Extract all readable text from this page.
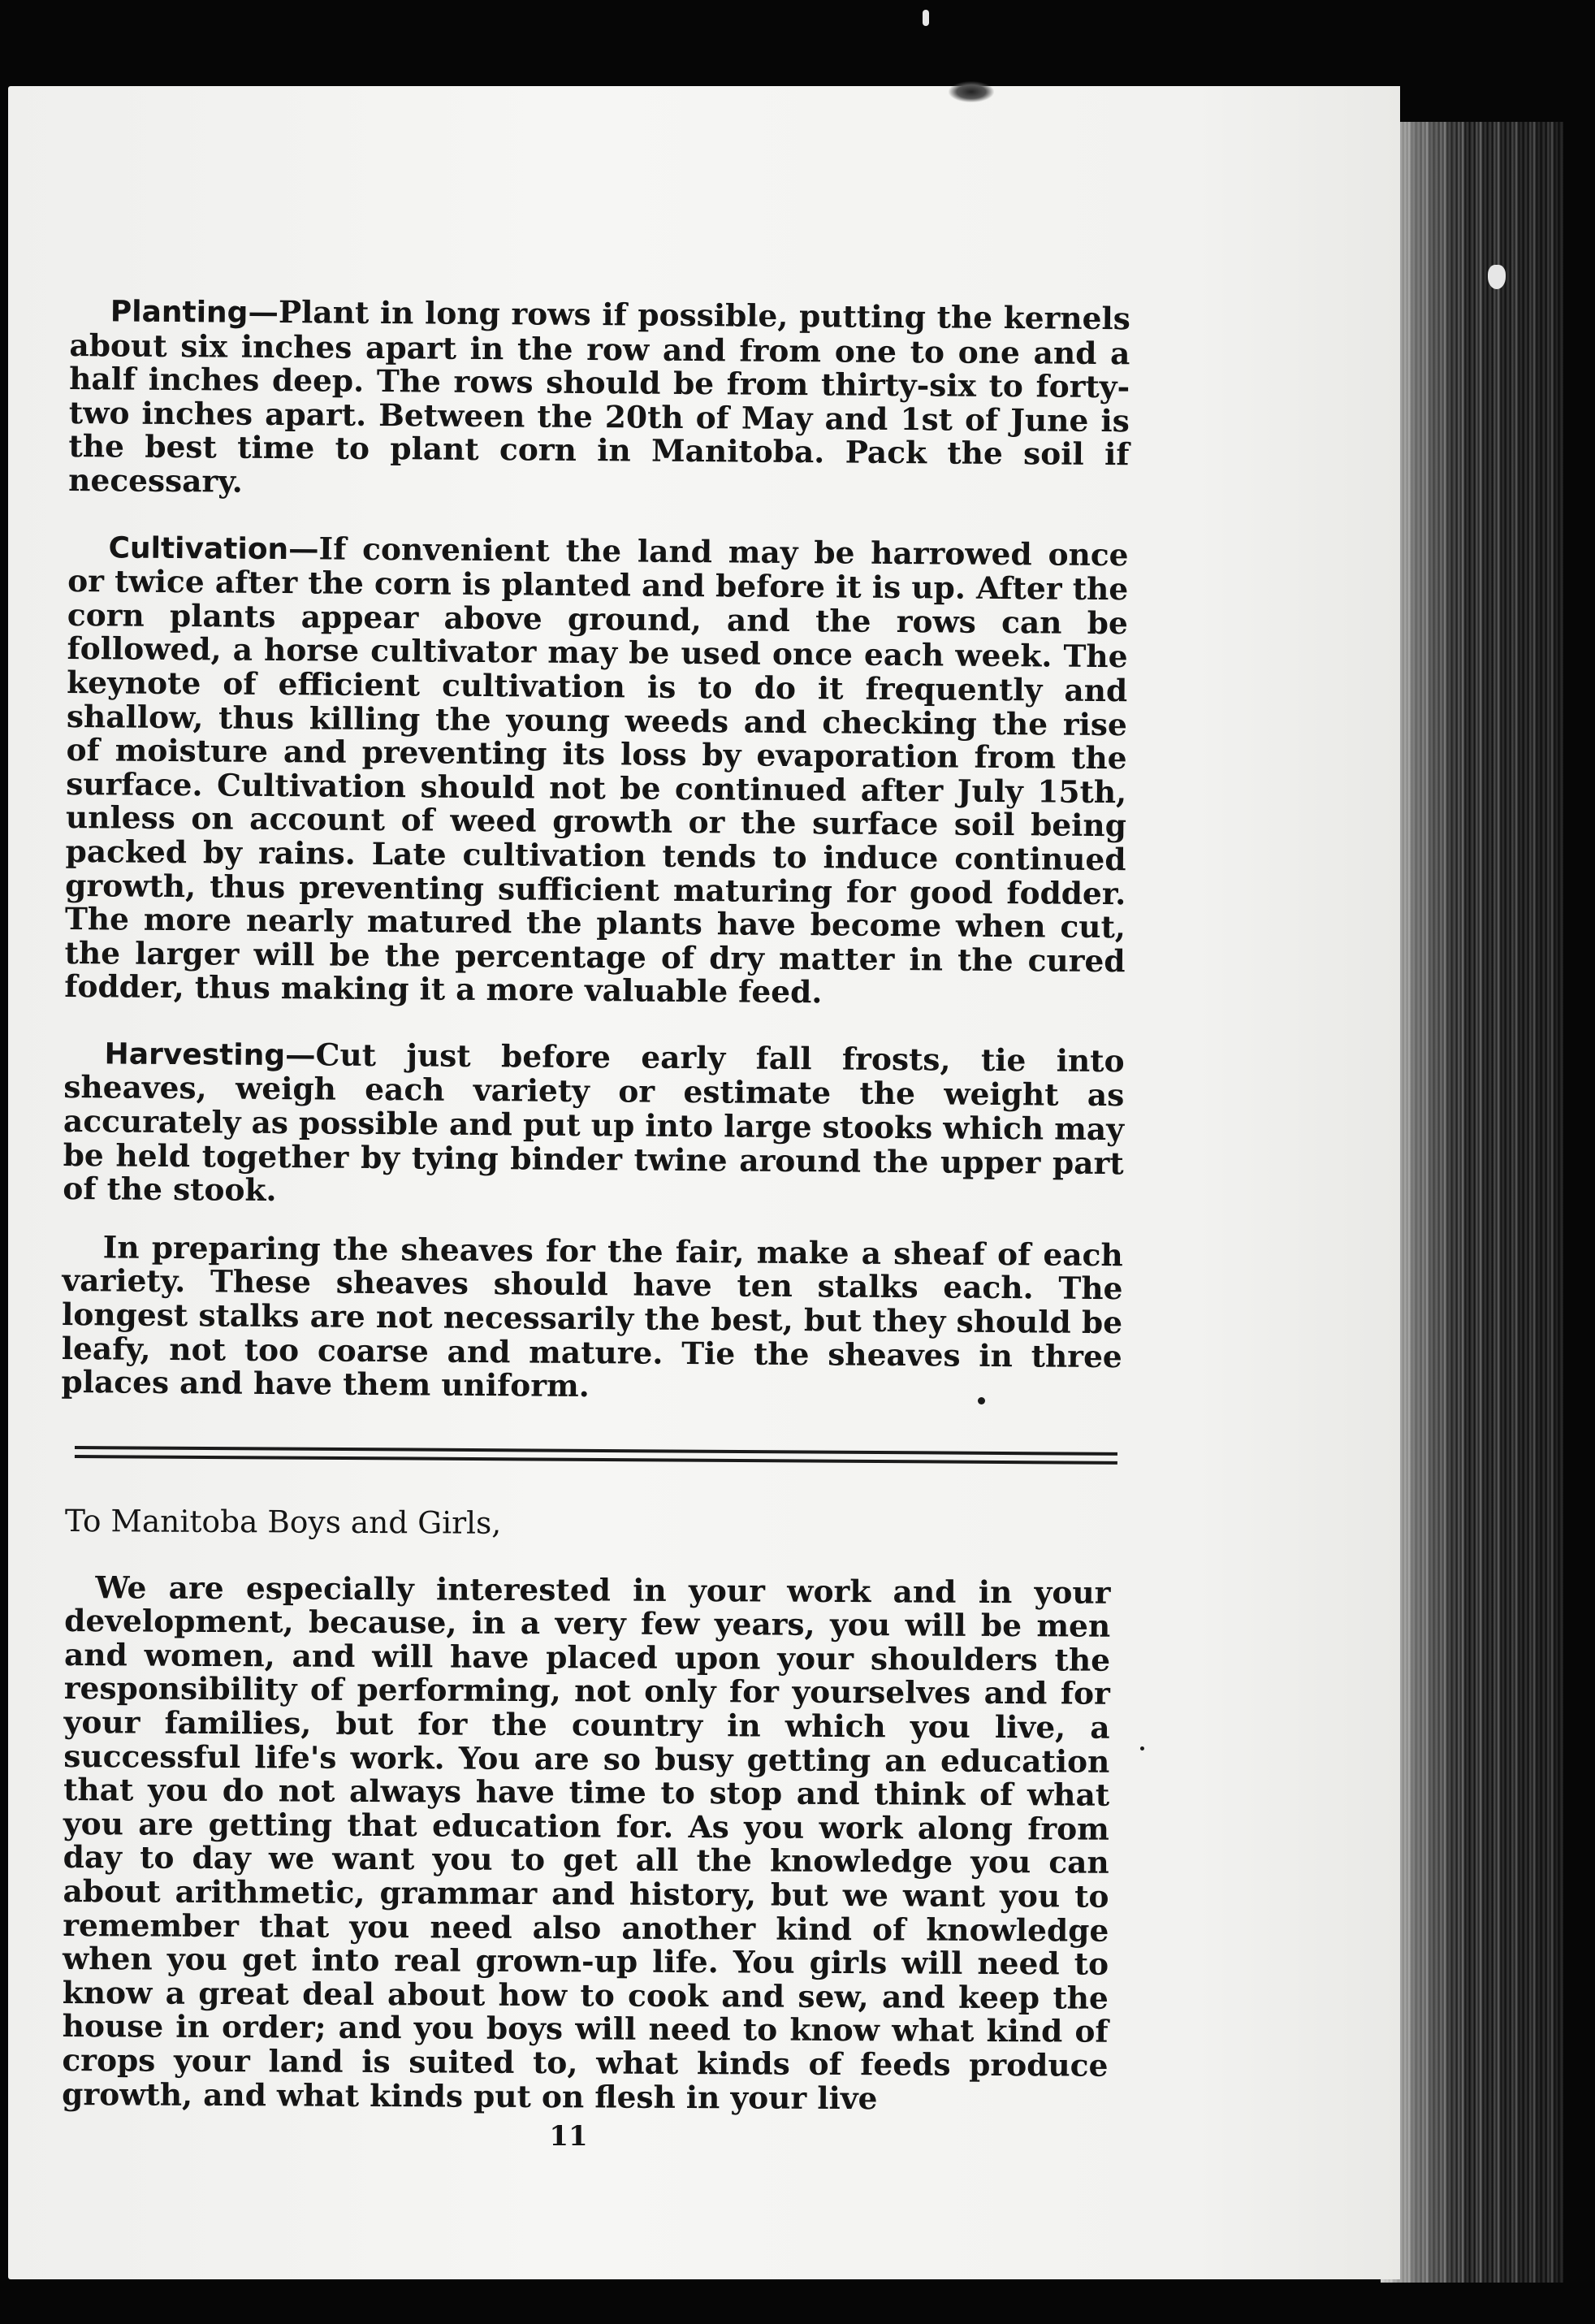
Planting—Plant in long rows if possible, putting the kernels about six inches apart in the row and from one to one and a half inches deep. The rows should be from thirty-six to forty-two inches apart. Between the 20th of May and 1st of June is the best time to plant corn in Manitoba. Pack the soil if necessary.

Cultivation—If convenient the land may be harrowed once or twice after the corn is planted and before it is up. After the corn plants appear above ground, and the rows can be followed, a horse cultivator may be used once each week. The keynote of efficient cultivation is to do it frequently and shallow, thus killing the young weeds and checking the rise of moisture and preventing its loss by evaporation from the surface. Cultivation should not be continued after July 15th, unless on account of weed growth or the surface soil being packed by rains. Late cultivation tends to induce continued growth, thus preventing sufficient maturing for good fodder. The more nearly matured the plants have become when cut, the larger will be the percentage of dry matter in the cured fodder, thus making it a more valuable feed.

Harvesting—Cut just before early fall frosts, tie into sheaves, weigh each variety or estimate the weight as accurately as possible and put up into large stooks which may be held together by tying binder twine around the upper part of the stook.

In preparing the sheaves for the fair, make a sheaf of each variety. These sheaves should have ten stalks each. The longest stalks are not necessarily the best, but they should be leafy, not too coarse and mature. Tie the sheaves in three places and have them uniform.

To Manitoba Boys and Girls,

We are especially interested in your work and in your development, because, in a very few years, you will be men and women, and will have placed upon your shoulders the responsibility of performing, not only for yourselves and for your families, but for the country in which you live, a successful life's work. You are so busy getting an education that you do not always have time to stop and think of what you are getting that education for. As you work along from day to day we want you to get all the knowledge you can about arithmetic, grammar and history, but we want you to remember that you need also another kind of knowledge when you get into real grown-up life. You girls will need to know a great deal about how to cook and sew, and keep the house in order; and you boys will need to know what kind of crops your land is suited to, what kinds of feeds produce growth, and what kinds put on flesh in your live

11
